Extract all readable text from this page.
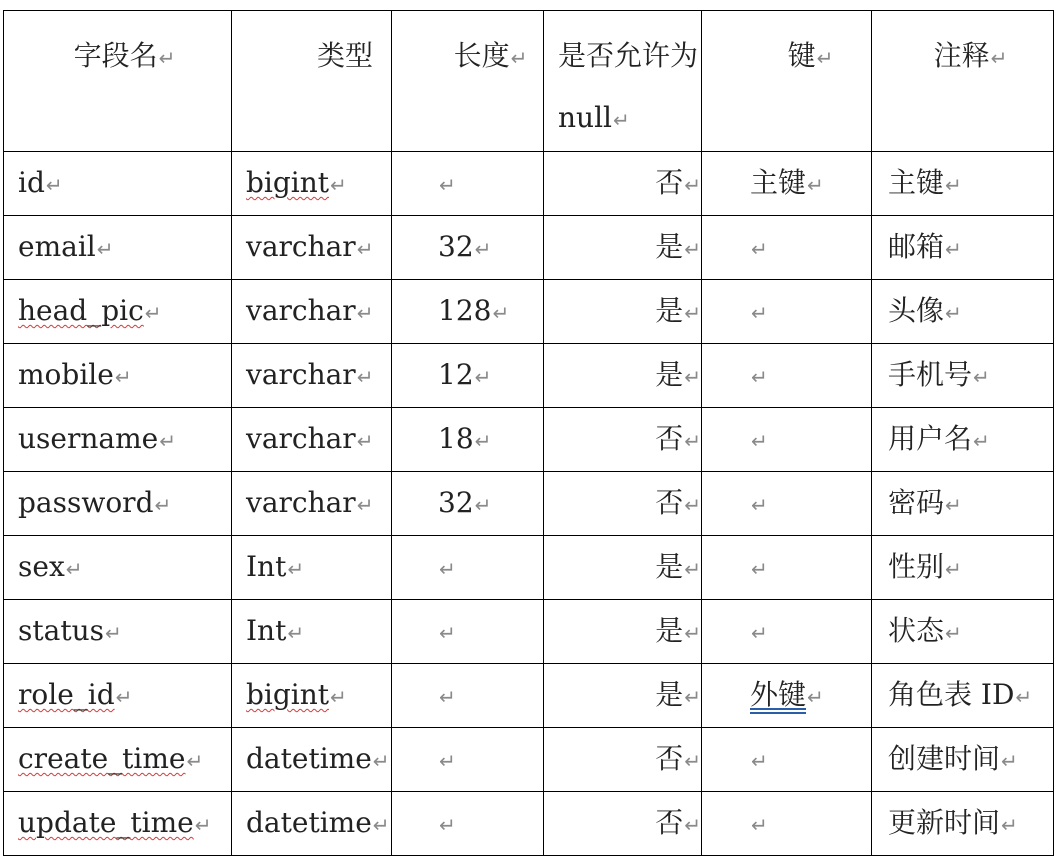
字段名↵	类型	长度↵	是否允许为 null↵	键↵	注释↵

id↵	bigint↵	↵	否↵	主键↵	主键↵

email↵	varchar↵	32↵	是↵	↵	邮箱↵

head_pic↵	varchar↵	128↵	是↵	↵	头像↵

mobile↵	varchar↵	12↵	是↵	↵	手机号↵

username↵	varchar↵	18↵	否↵	↵	用户名↵

password↵	varchar↵	32↵	否↵	↵	密码↵

sex↵	Int↵	↵	是↵	↵	性别↵

status↵	Int↵	↵	是↵	↵	状态↵

role_id↵	bigint↵	↵	是↵	外键↵	角色表 ID↵

create_time↵	datetime↵	↵	否↵	↵	创建时间↵

update_time↵	datetime↵	↵	否↵	↵	更新时间↵
